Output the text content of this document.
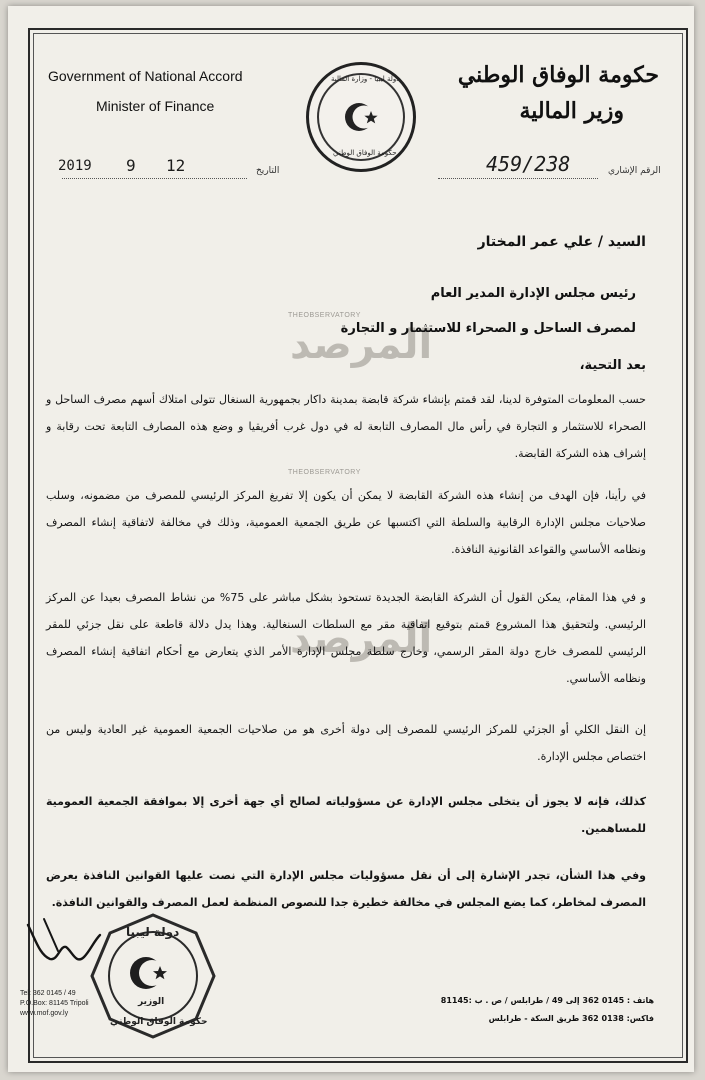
Government of National Accord
Minister of Finance
حكومة الوفاق الوطني
وزير المالية
دولة ليبيا - وزارة المالية
حكومة الوفاق الوطني
2019 9 12	التاريخ	459/238	الرقم الإشاري
THEOBSERVATORY
المرصد
THEOBSERVATORY
المرصد
السيد / علي عمر المختار
رئيس مجلس الإدارة المدير العام
لمصرف الساحل و الصحراء للاستثمار و التجارة
بعد التحية،
حسب المعلومات المتوفرة لدينا، لقد قمتم بإنشاء شركة قابضة بمدينة داكار بجمهورية السنغال تتولى امتلاك أسهم مصرف الساحل و الصحراء للاستثمار و التجارة في رأس مال المصارف التابعة له في دول غرب أفريقيا و وضع هذه المصارف التابعة تحت رقابة و إشراف هذه الشركة القابضة.
في رأينا، فإن الهدف من إنشاء هذه الشركة القابضة لا يمكن أن يكون إلا تفريغ المركز الرئيسي للمصرف من مضمونه، وسلب صلاحيات مجلس الإدارة الرقابية والسلطة التي اكتسبها عن طريق الجمعية العمومية، وذلك في مخالفة لاتفاقية إنشاء المصرف ونظامه الأساسي والقواعد القانونية النافذة.
و في هذا المقام، يمكن القول أن الشركة القابضة الجديدة تستحوذ بشكل مباشر على 75% من نشاط المصرف بعيدا عن المركز الرئيسي. ولتحقيق هذا المشروع قمتم بتوقيع اتفاقية مقر مع السلطات السنغالية. وهذا يدل دلالة قاطعة على نقل جزئي للمقر الرئيسي للمصرف خارج دولة المقر الرسمي، وخارج سلطة مجلس الإدارة الأمر الذي يتعارض مع أحكام اتفاقية إنشاء المصرف ونظامه الأساسي.
إن النقل الكلي أو الجزئي للمركز الرئيسي للمصرف إلى دولة أخرى هو من صلاحيات الجمعية العمومية غير العادية وليس من اختصاص مجلس الإدارة.
كذلك، فإنه لا يجوز أن يتخلى مجلس الإدارة عن مسؤولياته لصالح أي جهة أخرى إلا بموافقة الجمعية العمومية للمساهمين.
وفي هذا الشأن، تجدر الإشارة إلى أن نقل مسؤوليات مجلس الإدارة التي نصت عليها القوانين النافذة يعرض المصرف لمخاطر، كما يضع المجلس في مخالفة خطيرة جدا للنصوص المنظمة لعمل المصرف والقوانين النافذة.
دولة ليبيا
الوزير
حكومة الوفاق الوطني
Tel: 362 0145 / 49
P.O.Box: 81145 Tripoli
www.mof.gov.ly
هاتف : 0145 362 إلى 49 / طرابلس / ص . ب :81145
فاكس: 0138 362 طريق السكة - طرابلس
